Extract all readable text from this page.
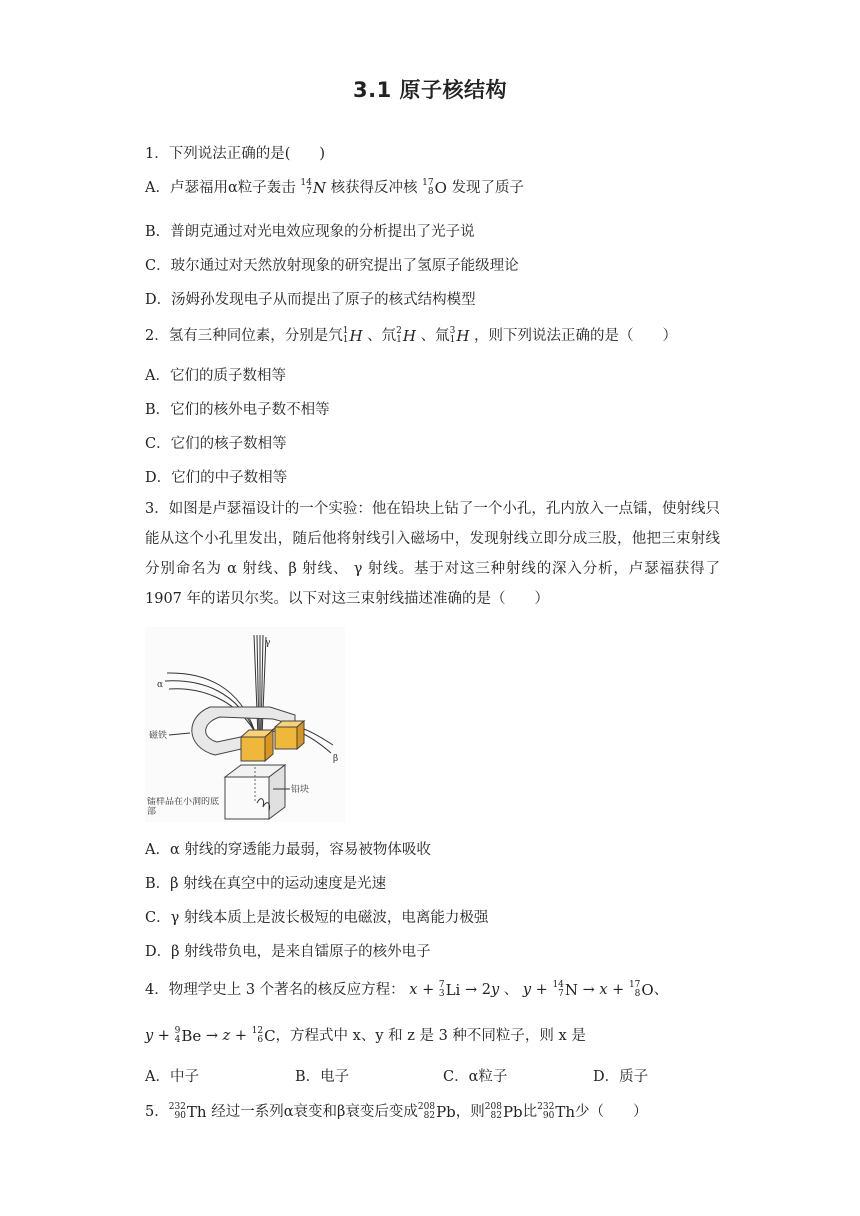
3.1 原子核结构
1．下列说法正确的是(　　)
A．卢瑟福用α粒子轰击 14
7 N 核获得反冲核 17
8 O 发现了质子
B．普朗克通过对光电效应现象的分析提出了光子说
C．玻尔通过对天然放射现象的研究提出了氢原子能级理论
D．汤姆孙发现电子从而提出了原子的核式结构模型
2．氢有三种同位素，分别是氕 1
1 H 、氘 2
1 H 、氚 3
1 H ，则下列说法正确的是（　　）
A．它们的质子数相等
B．它们的核外电子数不相等
C．它们的核子数相等
D．它们的中子数相等
3．如图是卢瑟福设计的一个实验：他在铅块上钻了一个小孔，孔内放入一点镭，使射线只能从这个小孔里发出，随后他将射线引入磁场中，发现射线立即分成三股，他把三束射线分别命名为 α 射线、β 射线、 γ 射线。基于对这三种射线的深入分析，卢瑟福获得了 1907 年的诺贝尔奖。以下对这三束射线描述准确的是（　　）
γ
α
β
磁铁
铅块
镭样品在小洞的底部
A．α 射线的穿透能力最弱，容易被物体吸收
B．β 射线在真空中的运动速度是光速
C．γ 射线本质上是波长极短的电磁波，电离能力极强
D．β 射线带负电，是来自镭原子的核外电子
4．物理学史上 3 个著名的核反应方程： x + 7
3 Li → 2y 、 y + 14
7 N → x + 17
8 O、
y + 9
4 Be → z + 12
6 C，方程式中 x、y 和 z 是 3 种不同粒子，则 x 是
A．中子	B．电子	C．α粒子	D．质子
5． 232
90 Th 经过一系列α衰变和β衰变后变成 208
82 Pb，则 208
82 Pb比 232
90 Th少（　　）
